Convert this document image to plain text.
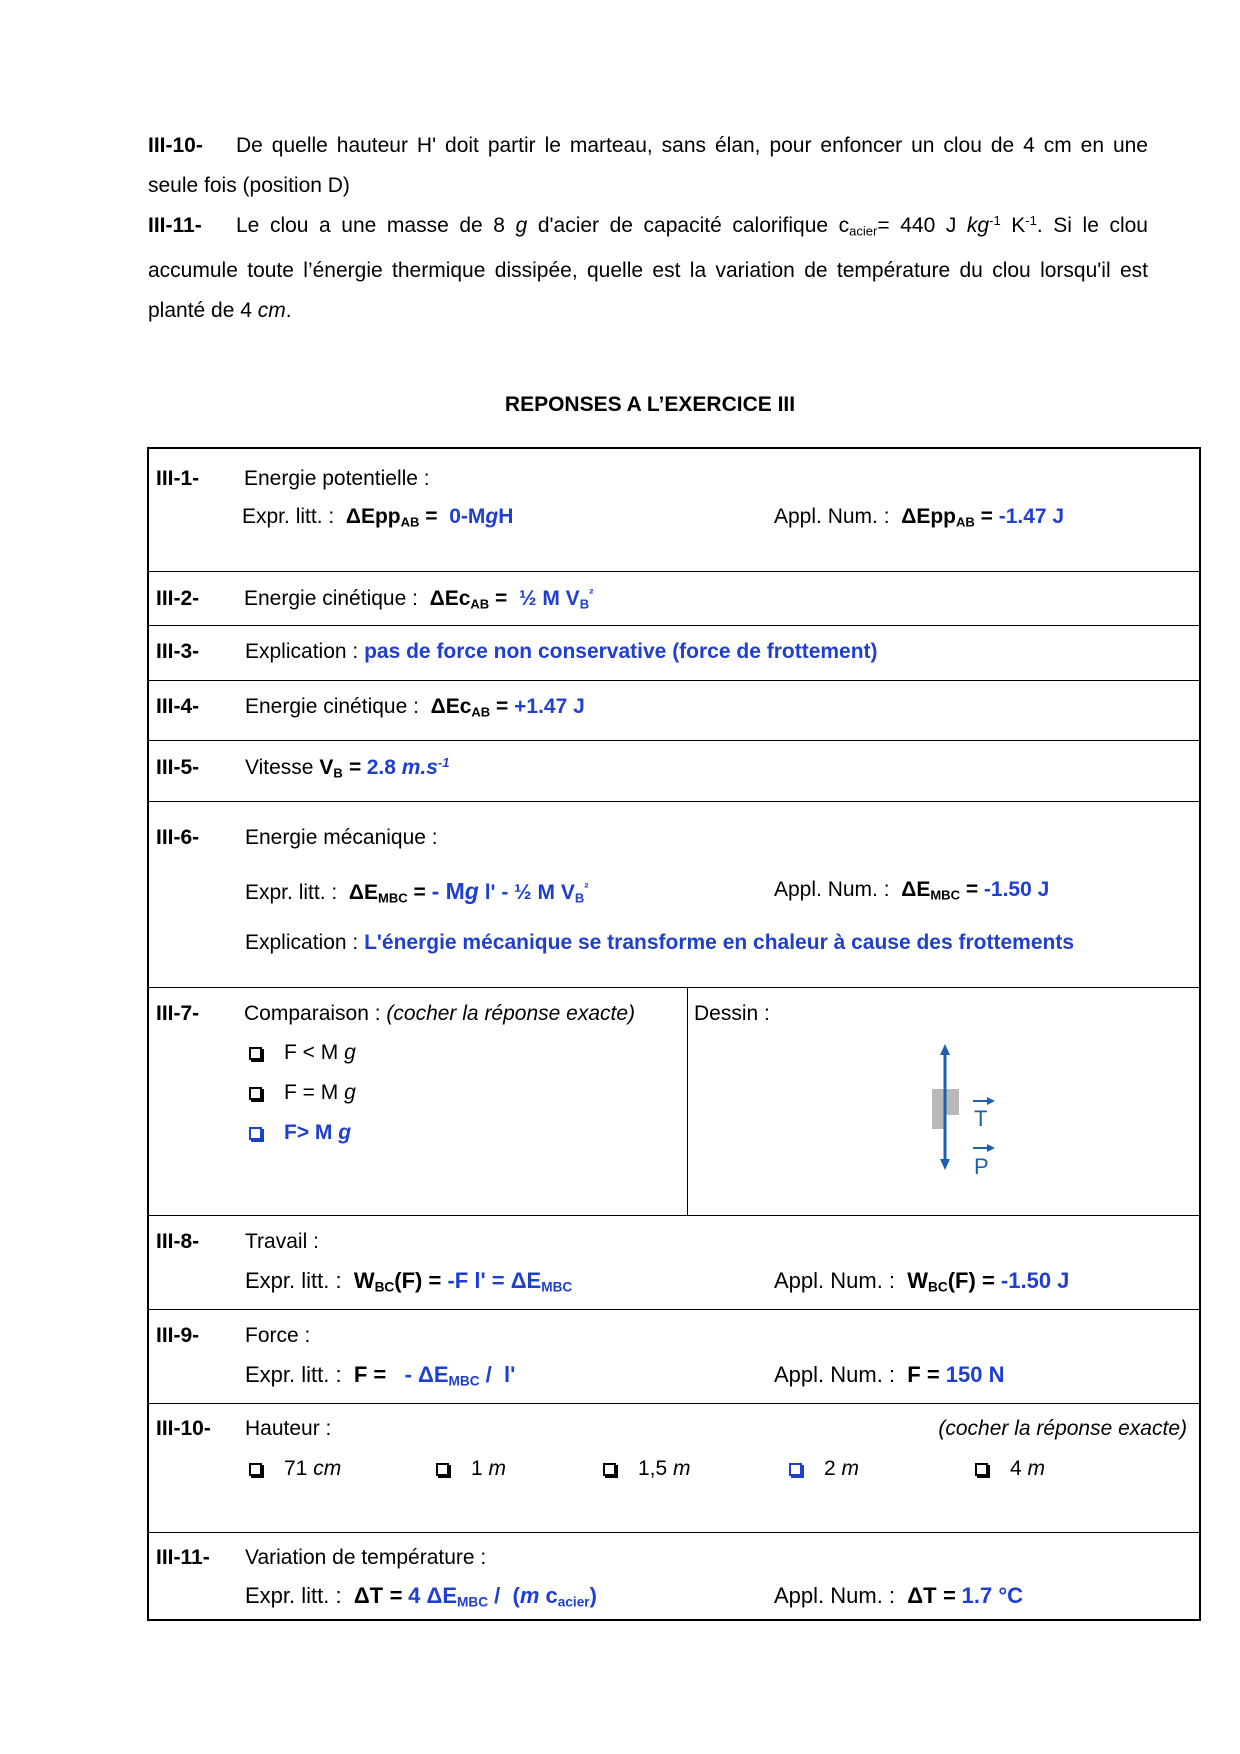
III-10- De quelle hauteur H' doit partir le marteau, sans élan, pour enfoncer un clou de 4 cm en une seule fois (position D)

III-11- Le clou a une masse de 8 g d'acier de capacité calorifique $c_{acier}= 440$ J $kg^{-1}$ $K^{-1}$. Si le clou accumule toute l’énergie thermique dissipée, quelle est la variation de température du clou lorsqu'il est planté de 4 cm.

REPONSES A L’EXERCICE III
III-1- Energie potentielle :
Expr. litt. : ΔEpp$_{AB}$ =  0-MgH	Appl. Num. : ΔEpp$_{AB}$ = -1.47 J
III-2- Energie cinétique : ΔEc$_{AB}$ =  ½ M $V_B^{^2}$
III-3- Explication : pas de force non conservative (force de frottement)
III-4- Energie cinétique : ΔEc$_{AB}$ = +1.47 J
III-5- Vitesse $V_B = 2.8$ $m.s^{-1}$
III-6- Energie mécanique :
Expr. litt. : $\Delta E_{MBC}$ = - Mg l' - ½ M $V_B^{^2}$	Appl. Num. : $\Delta E_{MBC} = -1.50$ J
Explication : L'énergie mécanique se transforme en chaleur à cause des frottements
III-7- Comparaison : (cocher la réponse exacte)
F < M g
F = M g
F> M g
Dessin :
T
P
III-8- Travail :
Expr. litt. : $W_{BC}(F) = -F$ $l' = \Delta E_{MBC}$	Appl. Num. : $W_{BC}(F) = -1.50$ J
III-9- Force :
Expr. litt. : F =   - $\Delta E_{MBC}$ /  l'	Appl. Num. : F = 150 N
III-10- Hauteur :	(cocher la réponse exacte)
71 cm	1 m	1,5 m	2 m	4 m
III-11- Variation de température :
Expr. litt. : ΔT = 4 $\Delta E_{MBC} / (m$ $c_{acier}$)	Appl. Num. : ΔT = 1.7 °C
